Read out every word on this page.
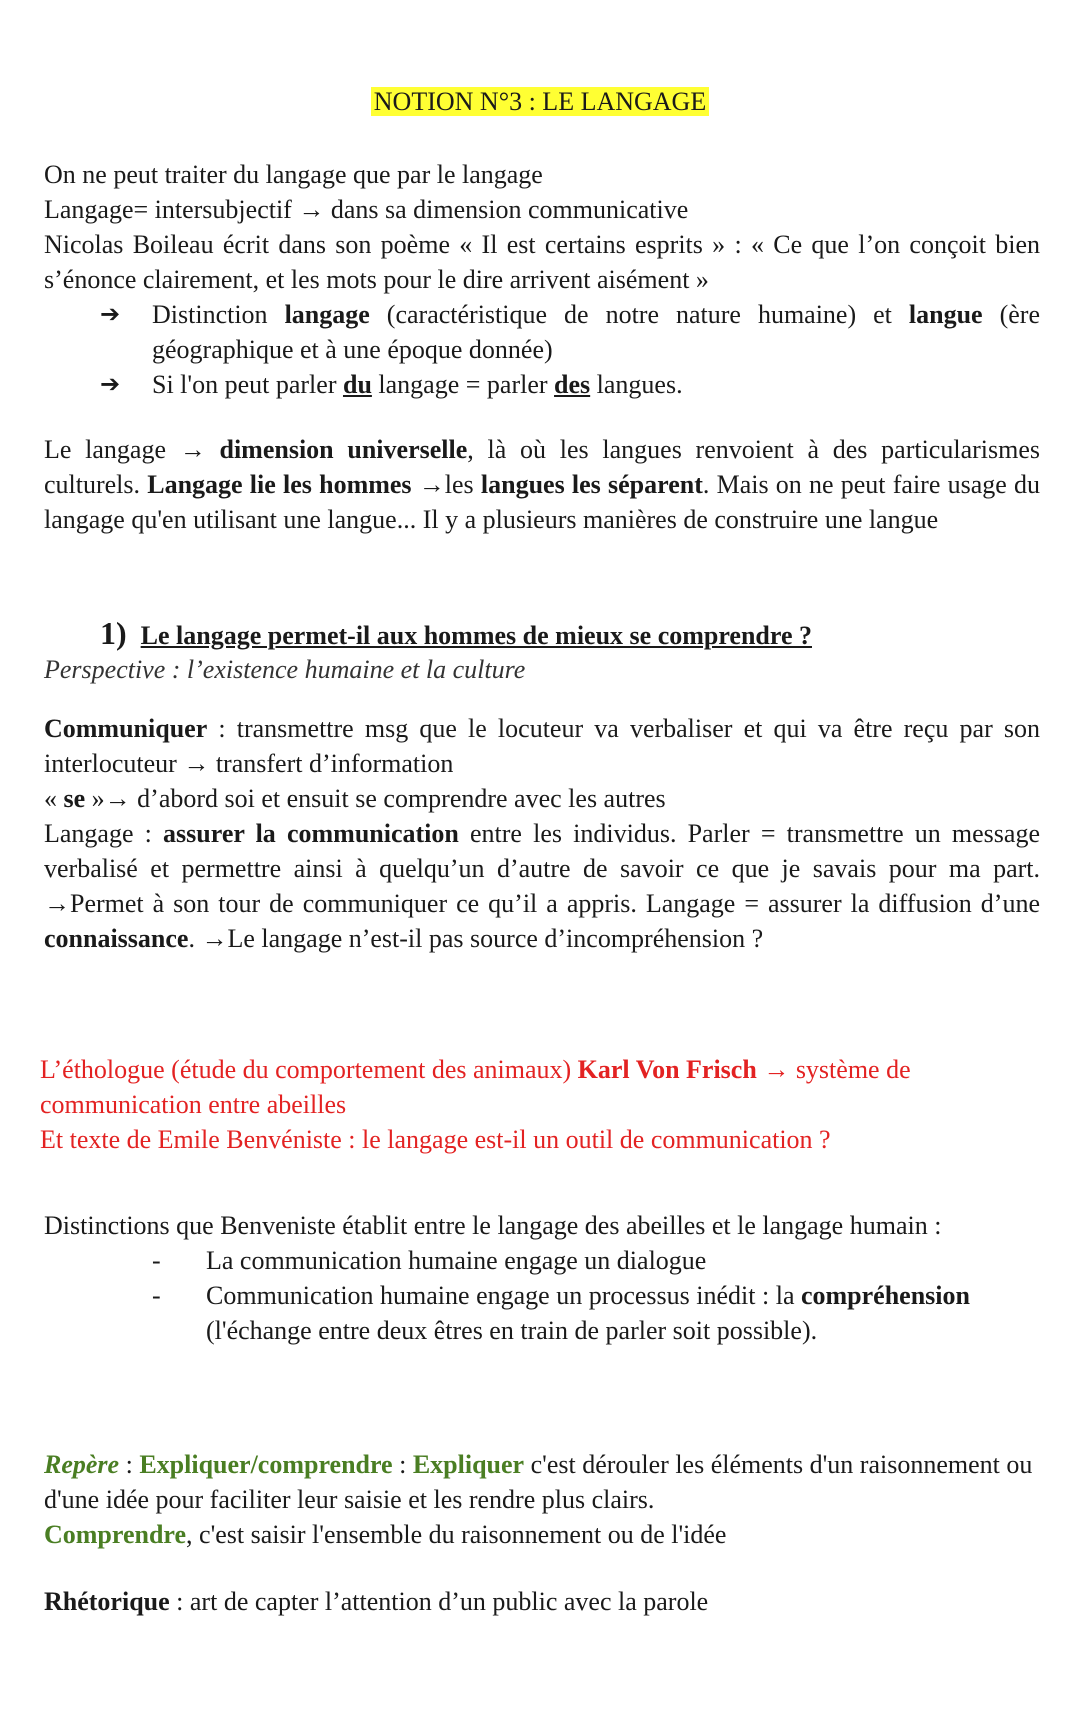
NOTION N°3 : LE LANGAGE
On ne peut traiter du langage que par le langage
Langage= intersubjectif → dans sa dimension communicative
Nicolas Boileau écrit dans son poème « Il est certains esprits » : « Ce que l’on conçoit bien s’énonce clairement, et les mots pour le dire arrivent aisément »
➔ Distinction langage (caractéristique de notre nature humaine) et langue (ère géographique et à une époque donnée)
➔ Si l'on peut parler du langage = parler des langues.
Le langage → dimension universelle, là où les langues renvoient à des particularismes culturels. Langage lie les hommes →les langues les séparent. Mais on ne peut faire usage du langage qu'en utilisant une langue... Il y a plusieurs manières de construire une langue
1) Le langage permet-il aux hommes de mieux se comprendre ?
Perspective : l’existence humaine et la culture
Communiquer : transmettre msg que le locuteur va verbaliser et qui va être reçu par son interlocuteur → transfert d’information
« se »→ d’abord soi et ensuit se comprendre avec les autres
Langage : assurer la communication entre les individus. Parler = transmettre un message verbalisé et permettre ainsi à quelqu’un d’autre de savoir ce que je savais pour ma part. →Permet à son tour de communiquer ce qu’il a appris. Langage = assurer la diffusion d’une connaissance. →Le langage n’est-il pas source d’incompréhension ?
L’éthologue (étude du comportement des animaux) Karl Von Frisch → système de communication entre abeilles
Et texte de Emile Benvéniste : le langage est-il un outil de communication ?
Distinctions que Benveniste établit entre le langage des abeilles et le langage humain :
- La communication humaine engage un dialogue
- Communication humaine engage un processus inédit : la compréhension (l'échange entre deux êtres en train de parler soit possible).
Repère : Expliquer/comprendre : Expliquer c'est dérouler les éléments d'un raisonnement ou d'une idée pour faciliter leur saisie et les rendre plus clairs.
Comprendre, c'est saisir l'ensemble du raisonnement ou de l'idée
Rhétorique : art de capter l’attention d’un public avec la parole
